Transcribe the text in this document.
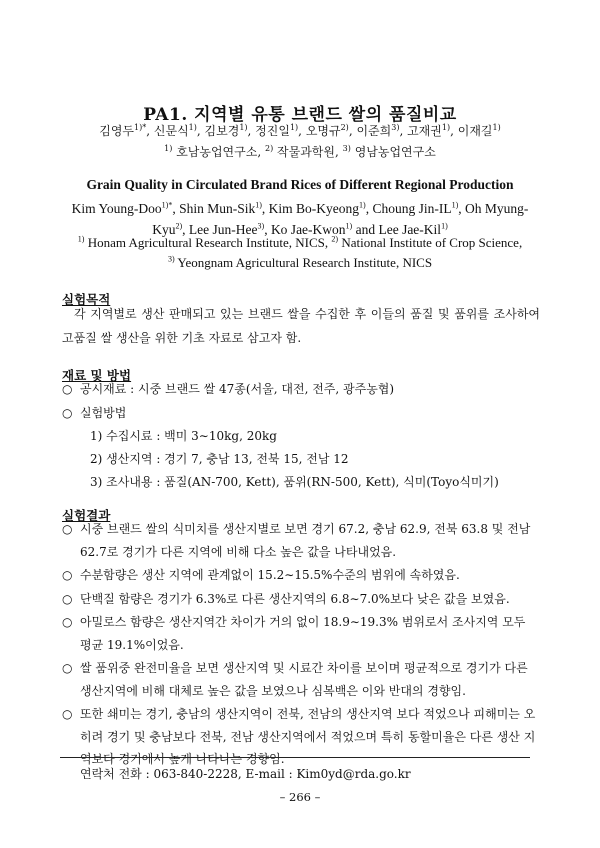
PA1. 지역별 유통 브랜드 쌀의 품질비교
김영두$^{1)*}$, 신문식$^{1)}$, 김보경$^{1)}$, 정진일$^{1)}$, 오명규$^{2)}$, 이준희$^{3)}$, 고재권$^{1)}$, 이재길$^{1)}$
$^{1)}$ 호남농업연구소, $^{2)}$ 작물과학원, $^{3)}$ 영남농업연구소
Grain Quality in Circulated Brand Rices of Different Regional Production
Kim Young-Doo$^{1)*}$, Shin Mun-Sik$^{1)}$, Kim Bo-Kyeong$^{1)}$, Choung Jin-IL$^{1)}$, Oh Myung-Kyu$^{2)}$, Lee Jun-Hee$^{3)}$, Ko Jae-Kwon$^{1)}$ and Lee Jae-Kil$^{1)}$
$^{1)}$ Honam Agricultural Research Institute, NICS, $^{2)}$ National Institute of Crop Science,
$^{3)}$ Yeongnam Agricultural Research Institute, NICS
실험목적
각 지역별로 생산 판매되고 있는 브랜드 쌀을 수집한 후 이들의 품질 및 품위를 조사하여 고품질 쌀 생산을 위한 기초 자료로 삼고자 함.
재료 및 방법
○ 공시재료 : 시중 브랜드 쌀 47종(서울, 대전, 전주, 광주농협)
○ 실험방법
1) 수집시료 : 백미 3∼10kg, 20kg
2) 생산지역 : 경기 7, 충남 13, 전북 15, 전남 12
3) 조사내용 : 품질(AN-700, Kett), 품위(RN-500, Kett), 식미(Toyo식미기)
실험결과
○ 시중 브랜드 쌀의 식미치를 생산지별로 보면 경기 67.2, 충남 62.9, 전북 63.8 및 전남 62.7로 경기가 다른 지역에 비해 다소 높은 값을 나타내었음.
○ 수분함량은 생산 지역에 관계없이 15.2∼15.5%수준의 범위에 속하였음.
○ 단백질 함량은 경기가 6.3%로 다른 생산지역의 6.8∼7.0%보다 낮은 값을 보였음.
○ 아밀로스 함량은 생산지역간 차이가 거의 없이 18.9∼19.3% 범위로서 조사지역 모두 평균 19.1%이었음.
○ 쌀 품위중 완전미율을 보면 생산지역 및 시료간 차이를 보이며 평균적으로 경기가 다른 생산지역에 비해 대체로 높은 값을 보였으나 심복백은 이와 반대의 경향임.
○ 또한 쇄미는 경기, 충남의 생산지역이 전북, 전남의 생산지역 보다 적었으나 피해미는 오히려 경기 및 충남보다 전북, 전남 생산지역에서 적었으며 특히 동할미율은 다른 생산 지역보다 경기에서 높게 나타나는 경향임.
연락처 전화 : 063-840-2228, E-mail : Kim0yd@rda.go.kr
– 266 –
